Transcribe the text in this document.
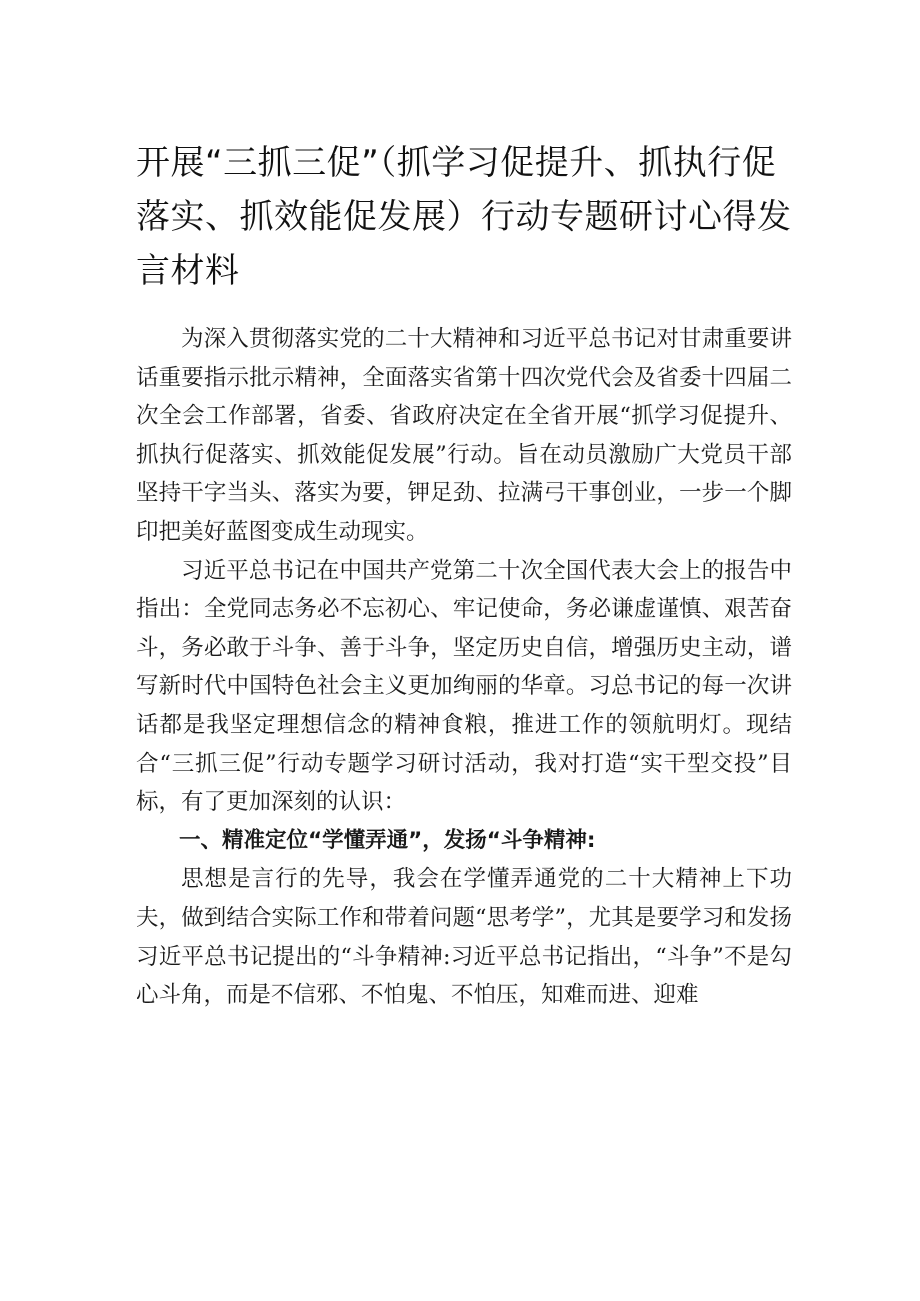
开展“三抓三促”（抓学习促提升、抓执行促落实、抓效能促发展）行动专题研讨心得发言材料

为深入贯彻落实党的二十大精神和习近平总书记对甘肃重要讲话重要指示批示精神，全面落实省第十四次党代会及省委十四届二次全会工作部署，省委、省政府决定在全省开展“抓学习促提升、抓执行促落实、抓效能促发展”行动。旨在动员激励广大党员干部坚持干字当头、落实为要，钾足劲、拉满弓干事创业，一步一个脚印把美好蓝图变成生动现实。

习近平总书记在中国共产党第二十次全国代表大会上的报告中指出：全党同志务必不忘初心、牢记使命，务必谦虚谨慎、艰苦奋斗，务必敢于斗争、善于斗争，坚定历史自信，增强历史主动，谱写新时代中国特色社会主义更加绚丽的华章。习总书记的每一次讲话都是我坚定理想信念的精神食粮，推进工作的领航明灯。现结合“三抓三促”行动专题学习研讨活动，我对打造“实干型交投”目标，有了更加深刻的认识：

一、精准定位“学懂弄通”，发扬“斗争精神:

思想是言行的先导，我会在学懂弄通党的二十大精神上下功夫，做到结合实际工作和带着问题“思考学”，尤其是要学习和发扬习近平总书记提出的“斗争精神:习近平总书记指出，“斗争”不是勾心斗角，而是不信邪、不怕鬼、不怕压，知难而进、迎难
